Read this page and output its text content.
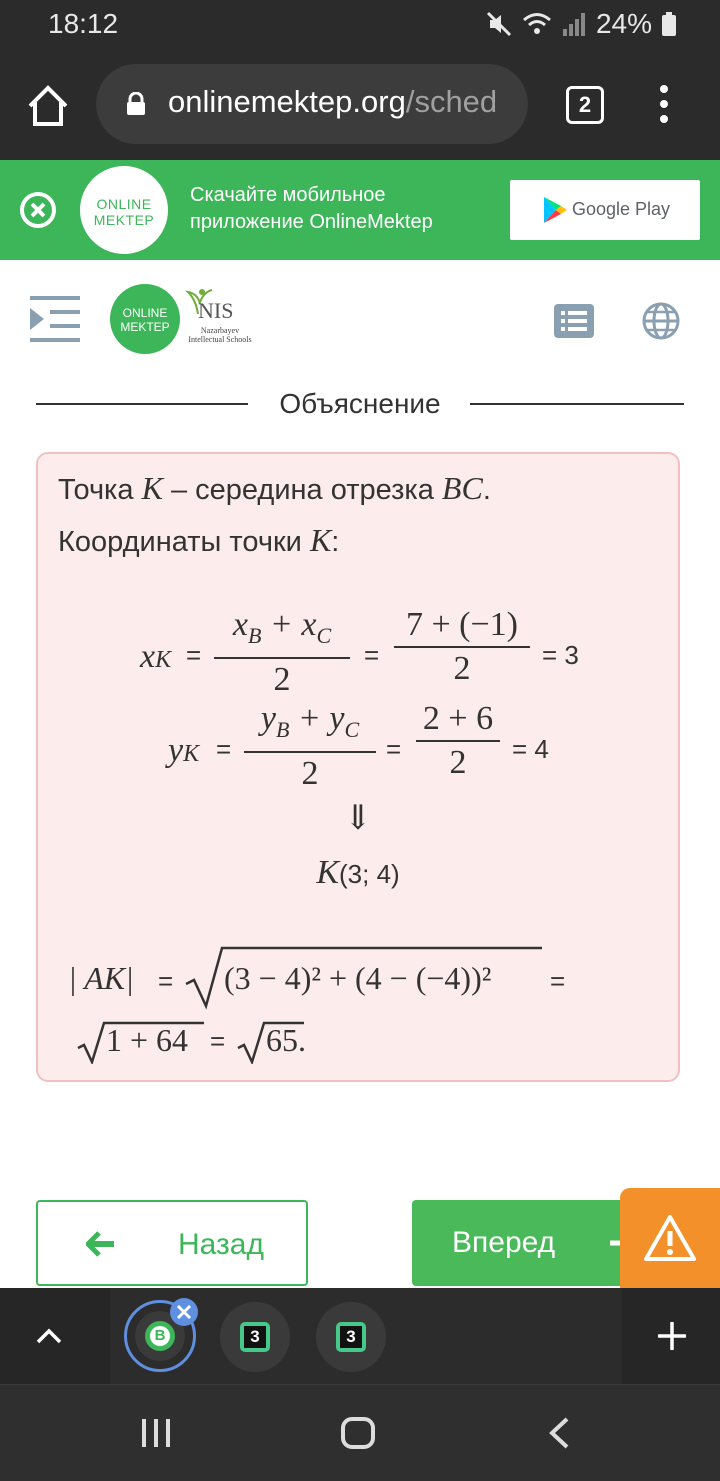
18:12	24%
onlinemektep.org/sched	2
ONLINE
MEKTEP
Скачайте мобильное
приложение OnlineMektep
Google Play
ONLINE
MEKTEP
NIS
Nazarbayev Intellectual Schools
Объяснение
Точка K – середина отрезка BC.
Координаты точки K:
xK =
$x_B + x_C$
2
=
7 + (−1)
2	= 3
yK =
$y_B + y_C$
2
=
2 + 6
2	= 4
⇓
K(3; 4)
| AK| = (3 − 4)² + (4 − (−4))² =
1 + 64 = 65.
Назад	Вперед
B	3	3
